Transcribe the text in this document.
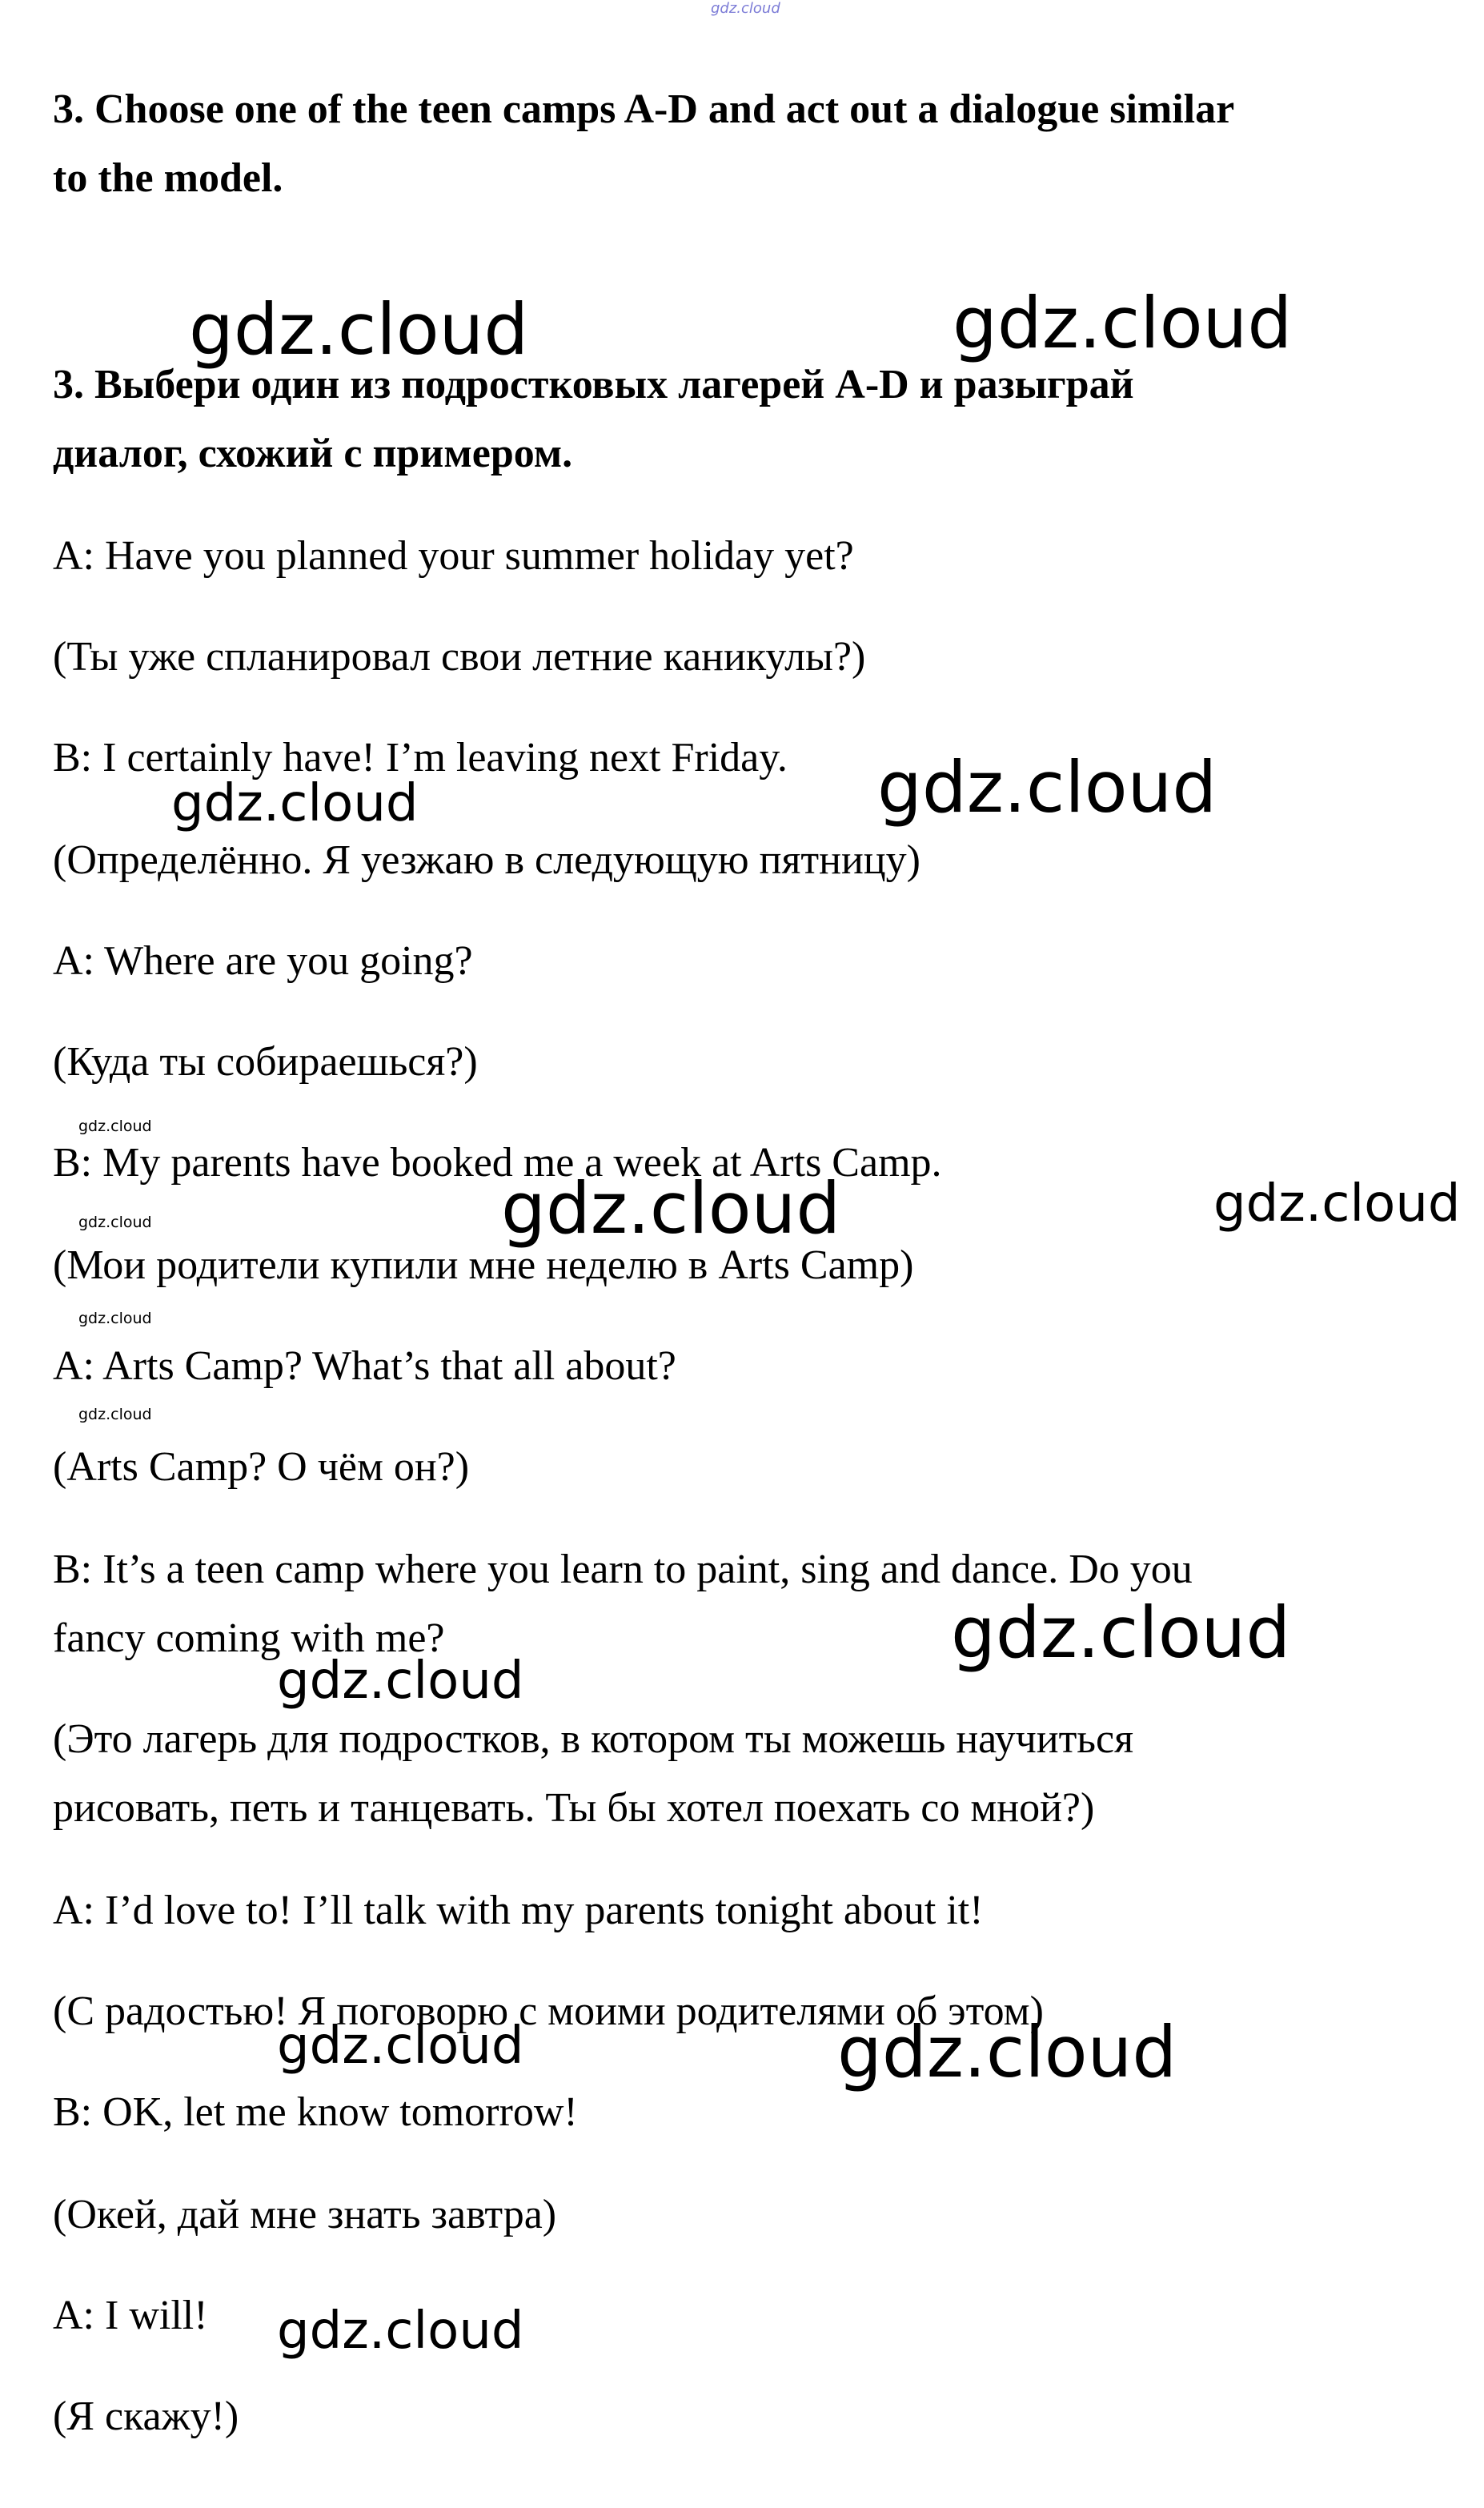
gdz.cloud
3. Choose one of the teen camps A-D and act out a dialogue similar
to the model.
3. Выбери один из подростковых лагерей A-D и разыграй
диалог, схожий с примером.
A: Have you planned your summer holiday yet?
(Ты уже спланировал свои летние каникулы?)
B: I certainly have! I’m leaving next Friday.
(Определённо. Я уезжаю в следующую пятницу)
A: Where are you going?
(Куда ты собираешься?)
B: My parents have booked me a week at Arts Camp.
(Мои родители купили мне неделю в Arts Camp)
A: Arts Camp? What’s that all about?
(Arts Camp? О чём он?)
B: It’s a teen camp where you learn to paint, sing and dance. Do you
fancy coming with me?
(Это лагерь для подростков, в котором ты можешь научиться
рисовать, петь и танцевать. Ты бы хотел поехать со мной?)
A: I’d love to! I’ll talk with my parents tonight about it!
(С радостью! Я поговорю с моими родителями об этом)
B: OK, let me know tomorrow!
(Окей, дай мне знать завтра)
A: I will!
(Я скажу!)
gdz.cloud	gdz.cloud
gdz.cloud
gdz.cloud
gdz.cloud
gdz.cloud
gdz.cloud
gdz.cloud
gdz.cloud
gdz.cloud
gdz.cloud
gdz.cloud
gdz.cloud
gdz.cloud
gdz.cloud
